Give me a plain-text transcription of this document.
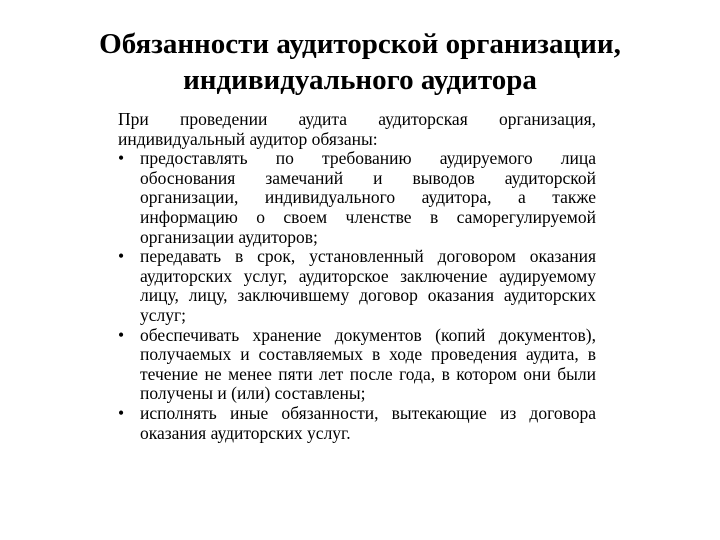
Обязанности аудиторской организации,
индивидуального аудитора

При проведении аудита аудиторская организация, индивидуальный аудитор обязаны:

• предоставлять по требованию аудируемого лица обоснования замечаний и выводов аудиторской организации, индивидуального аудитора, а также информацию о своем членстве в саморегулируемой организации аудиторов;
• передавать в срок, установленный договором оказания аудиторских услуг, аудиторское заключение аудируемому лицу, лицу, заключившему договор оказания аудиторских услуг;
• обеспечивать хранение документов (копий документов), получаемых и составляемых в ходе проведения аудита, в течение не менее пяти лет после года, в котором они были получены и (или) составлены;
• исполнять иные обязанности, вытекающие из договора оказания аудиторских услуг.
